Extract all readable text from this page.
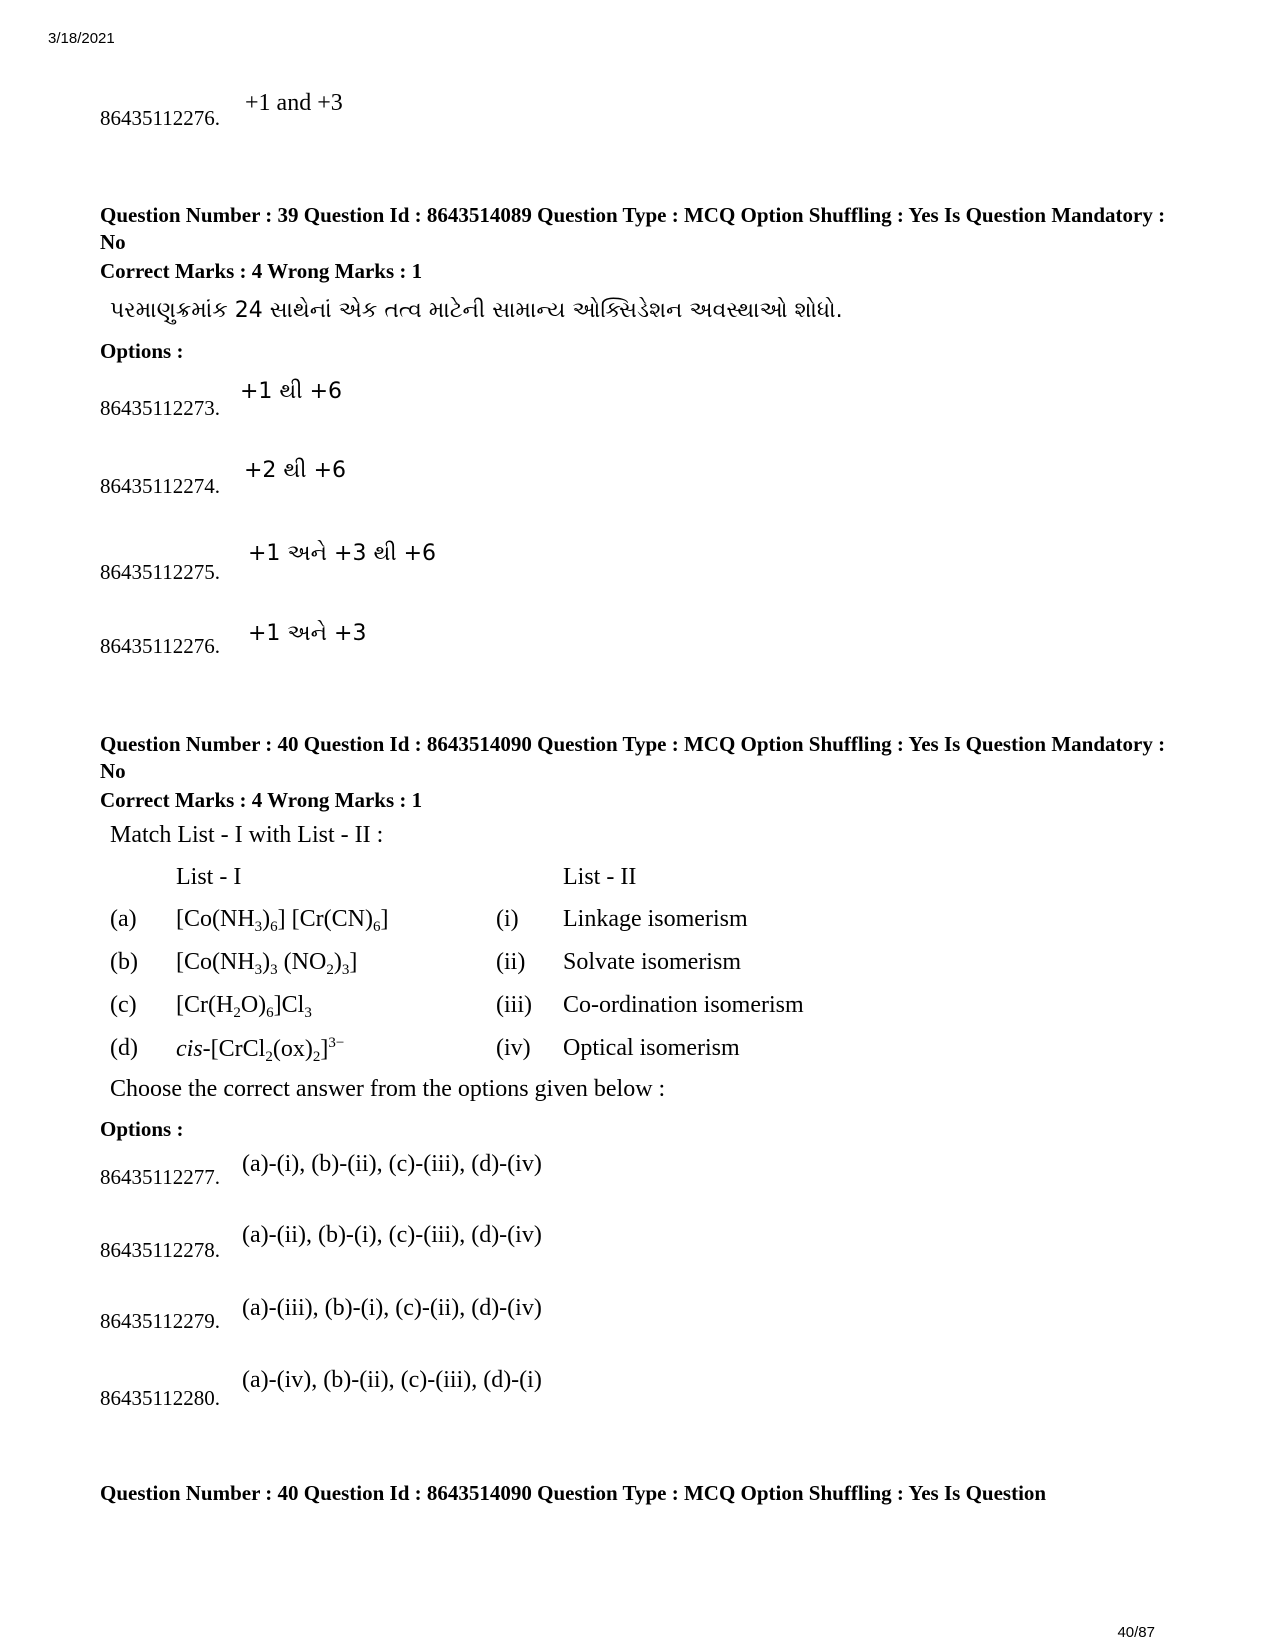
3/18/2021
86435112276.
+1 and +3
Question Number : 39 Question Id : 8643514089 Question Type : MCQ Option Shuffling : Yes Is Question Mandatory : No
Correct Marks : 4 Wrong Marks : 1
પરમાણુક્રમાંક 24 સાથેનાં એક તત્વ માટેની સામાન્ય ઓક્સિડેશન અવસ્થાઓ શોધો.
Options :
86435112273.
+1 થી +6
86435112274.
+2 થી +6
86435112275.
+1 અને +3 થી +6
86435112276. +1 અને +3
Question Number : 40 Question Id : 8643514090 Question Type : MCQ Option Shuffling : Yes Is Question Mandatory : No
Correct Marks : 4 Wrong Marks : 1
Match List - I with List - II :
List - I	List - II
(a) $[Co(NH_3)_6]$ $[Cr(CN)_6]$	(i) Linkage isomerism
(b) [$Co(NH_3)_3$ $(NO_2)_3$]	(ii) Solvate isomerism
(c) $[Cr(H_2O)_6]Cl_3$	(iii) Co-ordination isomerism
(d) cis-$[CrCl_2(ox)_2]^{3-}$	(iv) Optical isomerism
Choose the correct answer from the options given below :
Options :
86435112277. (a)-(i), (b)-(ii), (c)-(iii), (d)-(iv)
86435112278.
(a)-(ii), (b)-(i), (c)-(iii), (d)-(iv)
86435112279. (a)-(iii), (b)-(i), (c)-(ii), (d)-(iv)
86435112280.
(a)-(iv), (b)-(ii), (c)-(iii), (d)-(i)
Question Number : 40 Question Id : 8643514090 Question Type : MCQ Option Shuffling : Yes Is Question
40/87
